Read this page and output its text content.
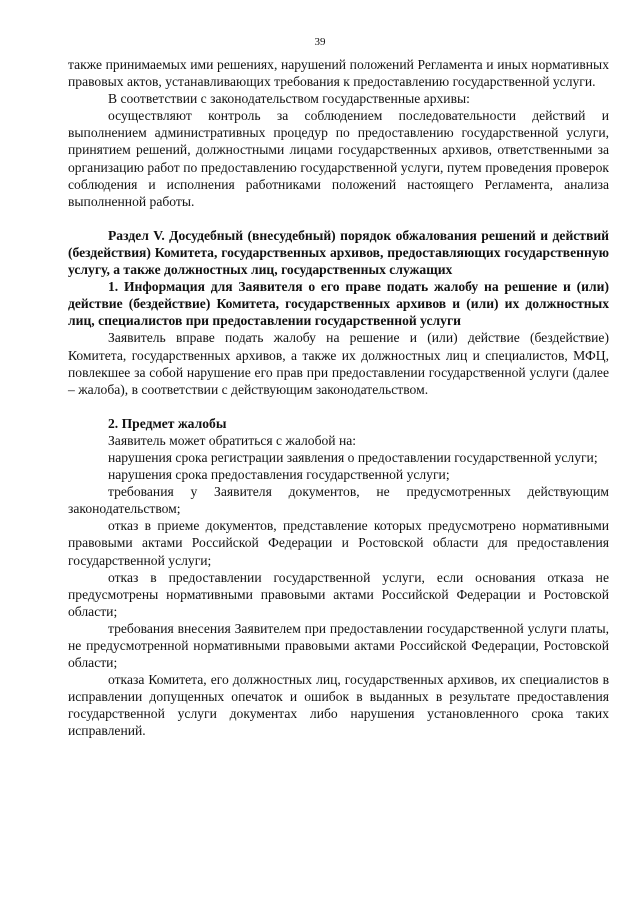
39

также принимаемых ими решениях, нарушений положений Регламента и иных нормативных правовых актов, устанавливающих требования к предоставлению государственной услуги.

В соответствии с законодательством государственные архивы:

осуществляют контроль за соблюдением последовательности действий и выполнением административных процедур по предоставлению государственной услуги, принятием решений, должностными лицами государственных архивов, ответственными за организацию работ по предоставлению государственной услуги, путем проведения проверок соблюдения и исполнения работниками положений настоящего Регламента, анализа выполненной работы.

Раздел V. Досудебный (внесудебный) порядок обжалования решений и действий (бездействия) Комитета, государственных архивов, предоставляющих государственную услугу, а также должностных лиц, государственных служащих

1. Информация для Заявителя о его праве подать жалобу на решение и (или) действие (бездействие) Комитета, государственных архивов и (или) их должностных лиц, специалистов при предоставлении государственной услуги

Заявитель вправе подать жалобу на решение и (или) действие (бездействие) Комитета, государственных архивов, а также их должностных лиц и специалистов, МФЦ, повлекшее за собой нарушение его прав при предоставлении государственной услуги (далее – жалоба), в соответствии с действующим законодательством.

2. Предмет жалобы

Заявитель может обратиться с жалобой на:

нарушения срока регистрации заявления о предоставлении государственной услуги;

нарушения срока предоставления государственной услуги;

требования у Заявителя документов, не предусмотренных действующим законодательством;

отказ в приеме документов, представление которых предусмотрено нормативными правовыми актами Российской Федерации и Ростовской области для предоставления государственной услуги;

отказ в предоставлении государственной услуги, если основания отказа не предусмотрены нормативными правовыми актами Российской Федерации и Ростовской области;

требования внесения Заявителем при предоставлении государственной услуги платы, не предусмотренной нормативными правовыми актами Российской Федерации, Ростовской области;

отказа Комитета, его должностных лиц, государственных архивов, их специалистов в исправлении допущенных опечаток и ошибок в выданных в результате предоставления государственной услуги документах либо нарушения установленного срока таких исправлений.
